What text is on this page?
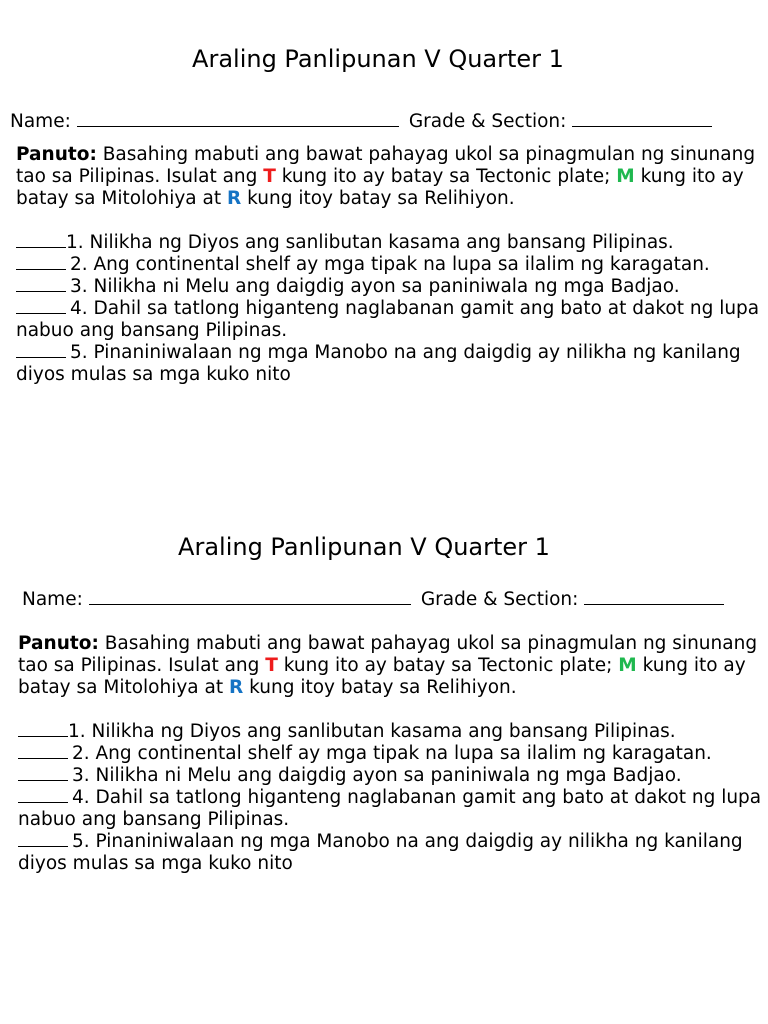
Araling Panlipunan V Quarter 1
Name:	Grade & Section:

Panuto: Basahing mabuti ang bawat pahayag ukol sa pinagmulan ng sinunang tao sa Pilipinas. Isulat ang T kung ito ay batay sa Tectonic plate; M kung ito ay batay sa Mitolohiya at R kung itoy batay sa Relihiyon.

1. Nilikha ng Diyos ang sanlibutan kasama ang bansang Pilipinas.
2. Ang continental shelf ay mga tipak na lupa sa ilalim ng karagatan.
3. Nilikha ni Melu ang daigdig ayon sa paniniwala ng mga Badjao.
4. Dahil sa tatlong higanteng naglabanan gamit ang bato at dakot ng lupa nabuo ang bansang Pilipinas.
5. Pinaniniwalaan ng mga Manobo na ang daigdig ay nilikha ng kanilang diyos mulas sa mga kuko nito
Araling Panlipunan V Quarter 1
Name:	Grade & Section:

Panuto: Basahing mabuti ang bawat pahayag ukol sa pinagmulan ng sinunang tao sa Pilipinas. Isulat ang T kung ito ay batay sa Tectonic plate; M kung ito ay batay sa Mitolohiya at R kung itoy batay sa Relihiyon.

1. Nilikha ng Diyos ang sanlibutan kasama ang bansang Pilipinas.
2. Ang continental shelf ay mga tipak na lupa sa ilalim ng karagatan.
3. Nilikha ni Melu ang daigdig ayon sa paniniwala ng mga Badjao.
4. Dahil sa tatlong higanteng naglabanan gamit ang bato at dakot ng lupa nabuo ang bansang Pilipinas.
5. Pinaniniwalaan ng mga Manobo na ang daigdig ay nilikha ng kanilang diyos mulas sa mga kuko nito
